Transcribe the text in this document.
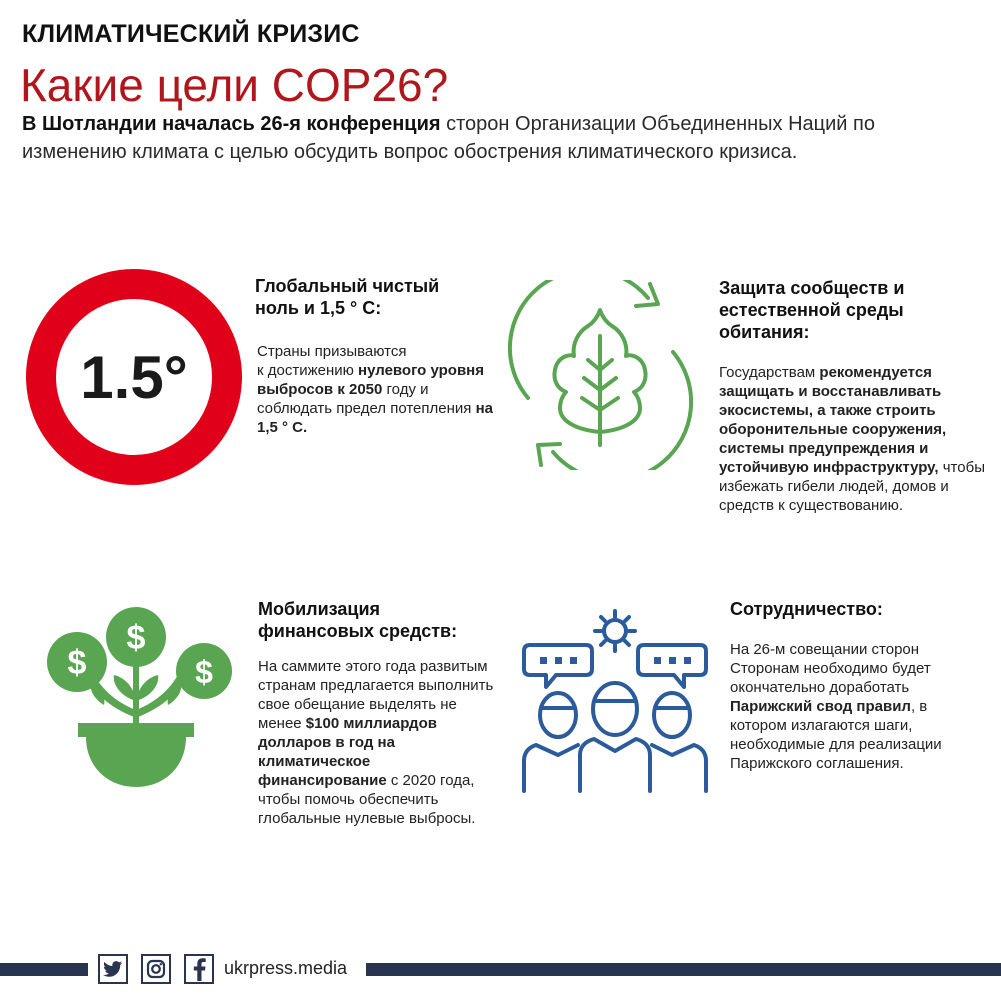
КЛИМАТИЧЕСКИЙ КРИЗИС
Какие цели COP26?
В Шотландии началась 26-я конференция сторон Организации Объединенных Наций по изменению климата с целью обсудить вопрос обострения климатического кризиса.
1.5°
Глобальный чистый ноль и 1,5 ° C:
Страны призываются
к достижению нулевого уровня выбросов к 2050 году и соблюдать предел потепления на 1,5 ° C.
Защита сообществ и естественной среды обитания:
Государствам рекомендуется защищать и восстанавливать экосистемы, а также строить оборонительные сооружения, системы предупреждения и устойчивую инфраструктуру, чтобы избежать гибели людей, домов и средств к существованию.
$
$	$
Мобилизация финансовых средств:
На саммите этого года развитым странам предлагается выполнить свое обещание выделять не менее $100 миллиардов долларов в год на климатическое финансирование с 2020 года, чтобы помочь обеспечить глобальные нулевые выбросы.
Сотрудничество:
На 26-м совещании сторон Сторонам необходимо будет окончательно доработать Парижский свод правил, в котором излагаются шаги, необходимые для реализации Парижского соглашения.
ukrpress.media
